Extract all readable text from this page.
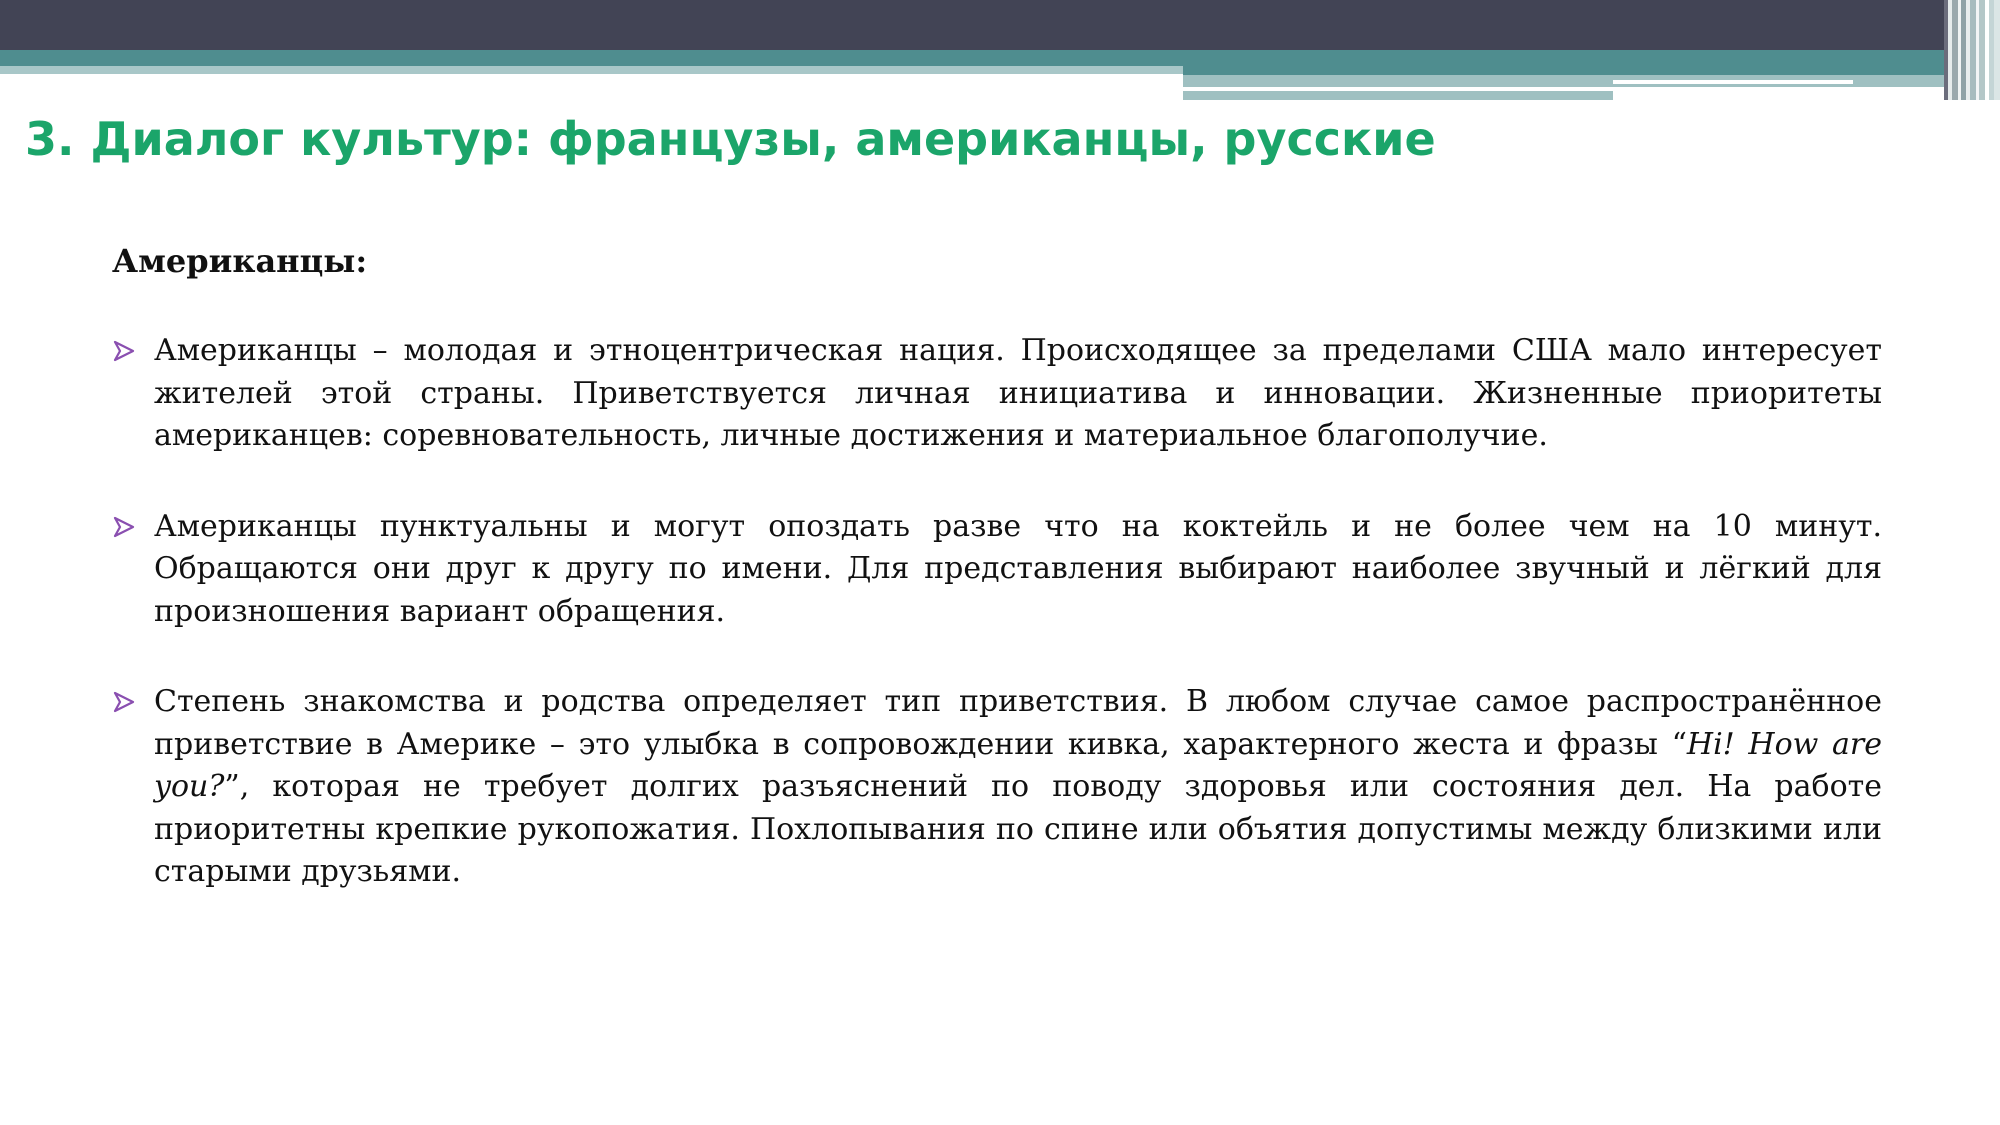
3. Диалог культур: французы, американцы, русские
Американцы:
Американцы – молодая и этноцентрическая нация. Происходящее за пределами США мало интересует жителей этой страны. Приветствуется личная инициатива и инновации. Жизненные приоритеты американцев: соревновательность, личные достижения и материальное благополучие.
Американцы пунктуальны и могут опоздать разве что на коктейль и не более чем на 10 минут. Обращаются они друг к другу по имени. Для представления выбирают наиболее звучный и лёгкий для произношения вариант обращения.
Степень знакомства и родства определяет тип приветствия. В любом случае самое распространённое приветствие в Америке – это улыбка в сопровождении кивка, характерного жеста и фразы “Hi! How are you?”, которая не требует долгих разъяснений по поводу здоровья или состояния дел. На работе приоритетны крепкие рукопожатия. Похлопывания по спине или объятия допустимы между близкими или старыми друзьями.
